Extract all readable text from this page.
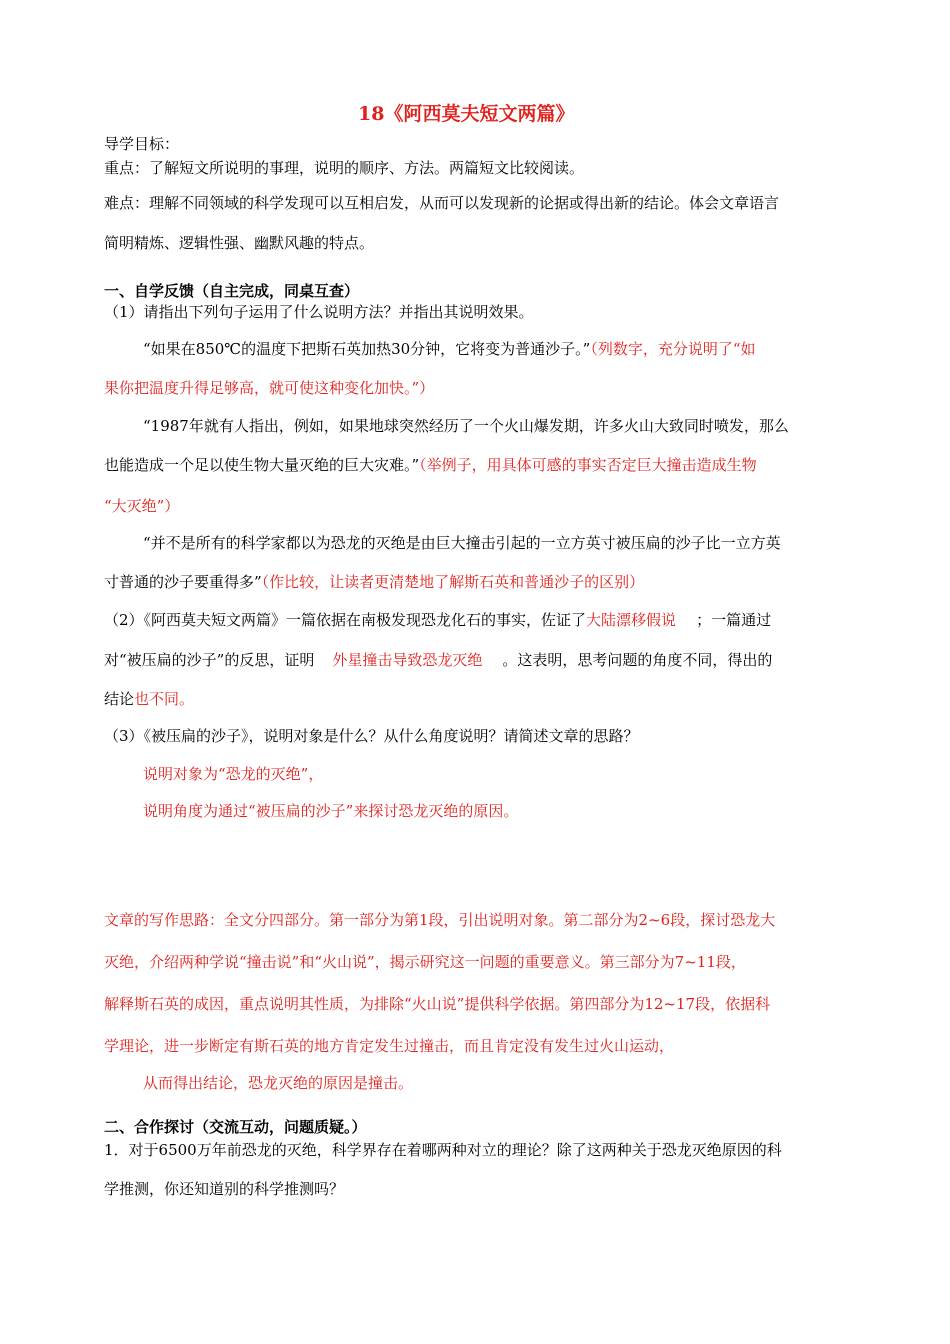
18《阿西莫夫短文两篇》
导学目标：
重点：了解短文所说明的事理，说明的顺序、方法。两篇短文比较阅读。
难点：理解不同领域的科学发现可以互相启发，从而可以发现新的论据或得出新的结论。体会文章语言
简明精炼、逻辑性强、幽默风趣的特点。
一、自学反馈（自主完成，同桌互查）
（1）请指出下列句子运用了什么说明方法？并指出其说明效果。
“如果在850℃的温度下把斯石英加热30分钟，它将变为普通沙子。”（列数字，充分说明了“如
果你把温度升得足够高，就可使这种变化加快。”）
“1987年就有人指出，例如，如果地球突然经历了一个火山爆发期，许多火山大致同时喷发，那么
也能造成一个足以使生物大量灭绝的巨大灾难。”（举例子，用具体可感的事实否定巨大撞击造成生物
“大灭绝”）
“并不是所有的科学家都以为恐龙的灭绝是由巨大撞击引起的一立方英寸被压扁的沙子比一立方英
寸普通的沙子要重得多”（作比较，让读者更清楚地了解斯石英和普通沙子的区别）
（2）《阿西莫夫短文两篇》一篇依据在南极发现恐龙化石的事实，佐证了大陆漂移假说 ；一篇通过
对“被压扁的沙子”的反思，证明 外星撞击导致恐龙灭绝 。这表明，思考问题的角度不同，得出的
结论也不同。
（3）《被压扁的沙子》，说明对象是什么？从什么角度说明？请简述文章的思路？
说明对象为“恐龙的灭绝”，
说明角度为通过“被压扁的沙子”来探讨恐龙灭绝的原因。
文章的写作思路：全文分四部分。第一部分为第1段，引出说明对象。第二部分为2~6段，探讨恐龙大
灭绝，介绍两种学说“撞击说”和“火山说”，揭示研究这一问题的重要意义。第三部分为7~11段，
解释斯石英的成因，重点说明其性质，为排除“火山说”提供科学依据。第四部分为12~17段，依据科
学理论，进一步断定有斯石英的地方肯定发生过撞击，而且肯定没有发生过火山运动，
从而得出结论，恐龙灭绝的原因是撞击。
二、合作探讨（交流互动，问题质疑。）
1．对于6500万年前恐龙的灭绝，科学界存在着哪两种对立的理论？除了这两种关于恐龙灭绝原因的科
学推测，你还知道别的科学推测吗？
